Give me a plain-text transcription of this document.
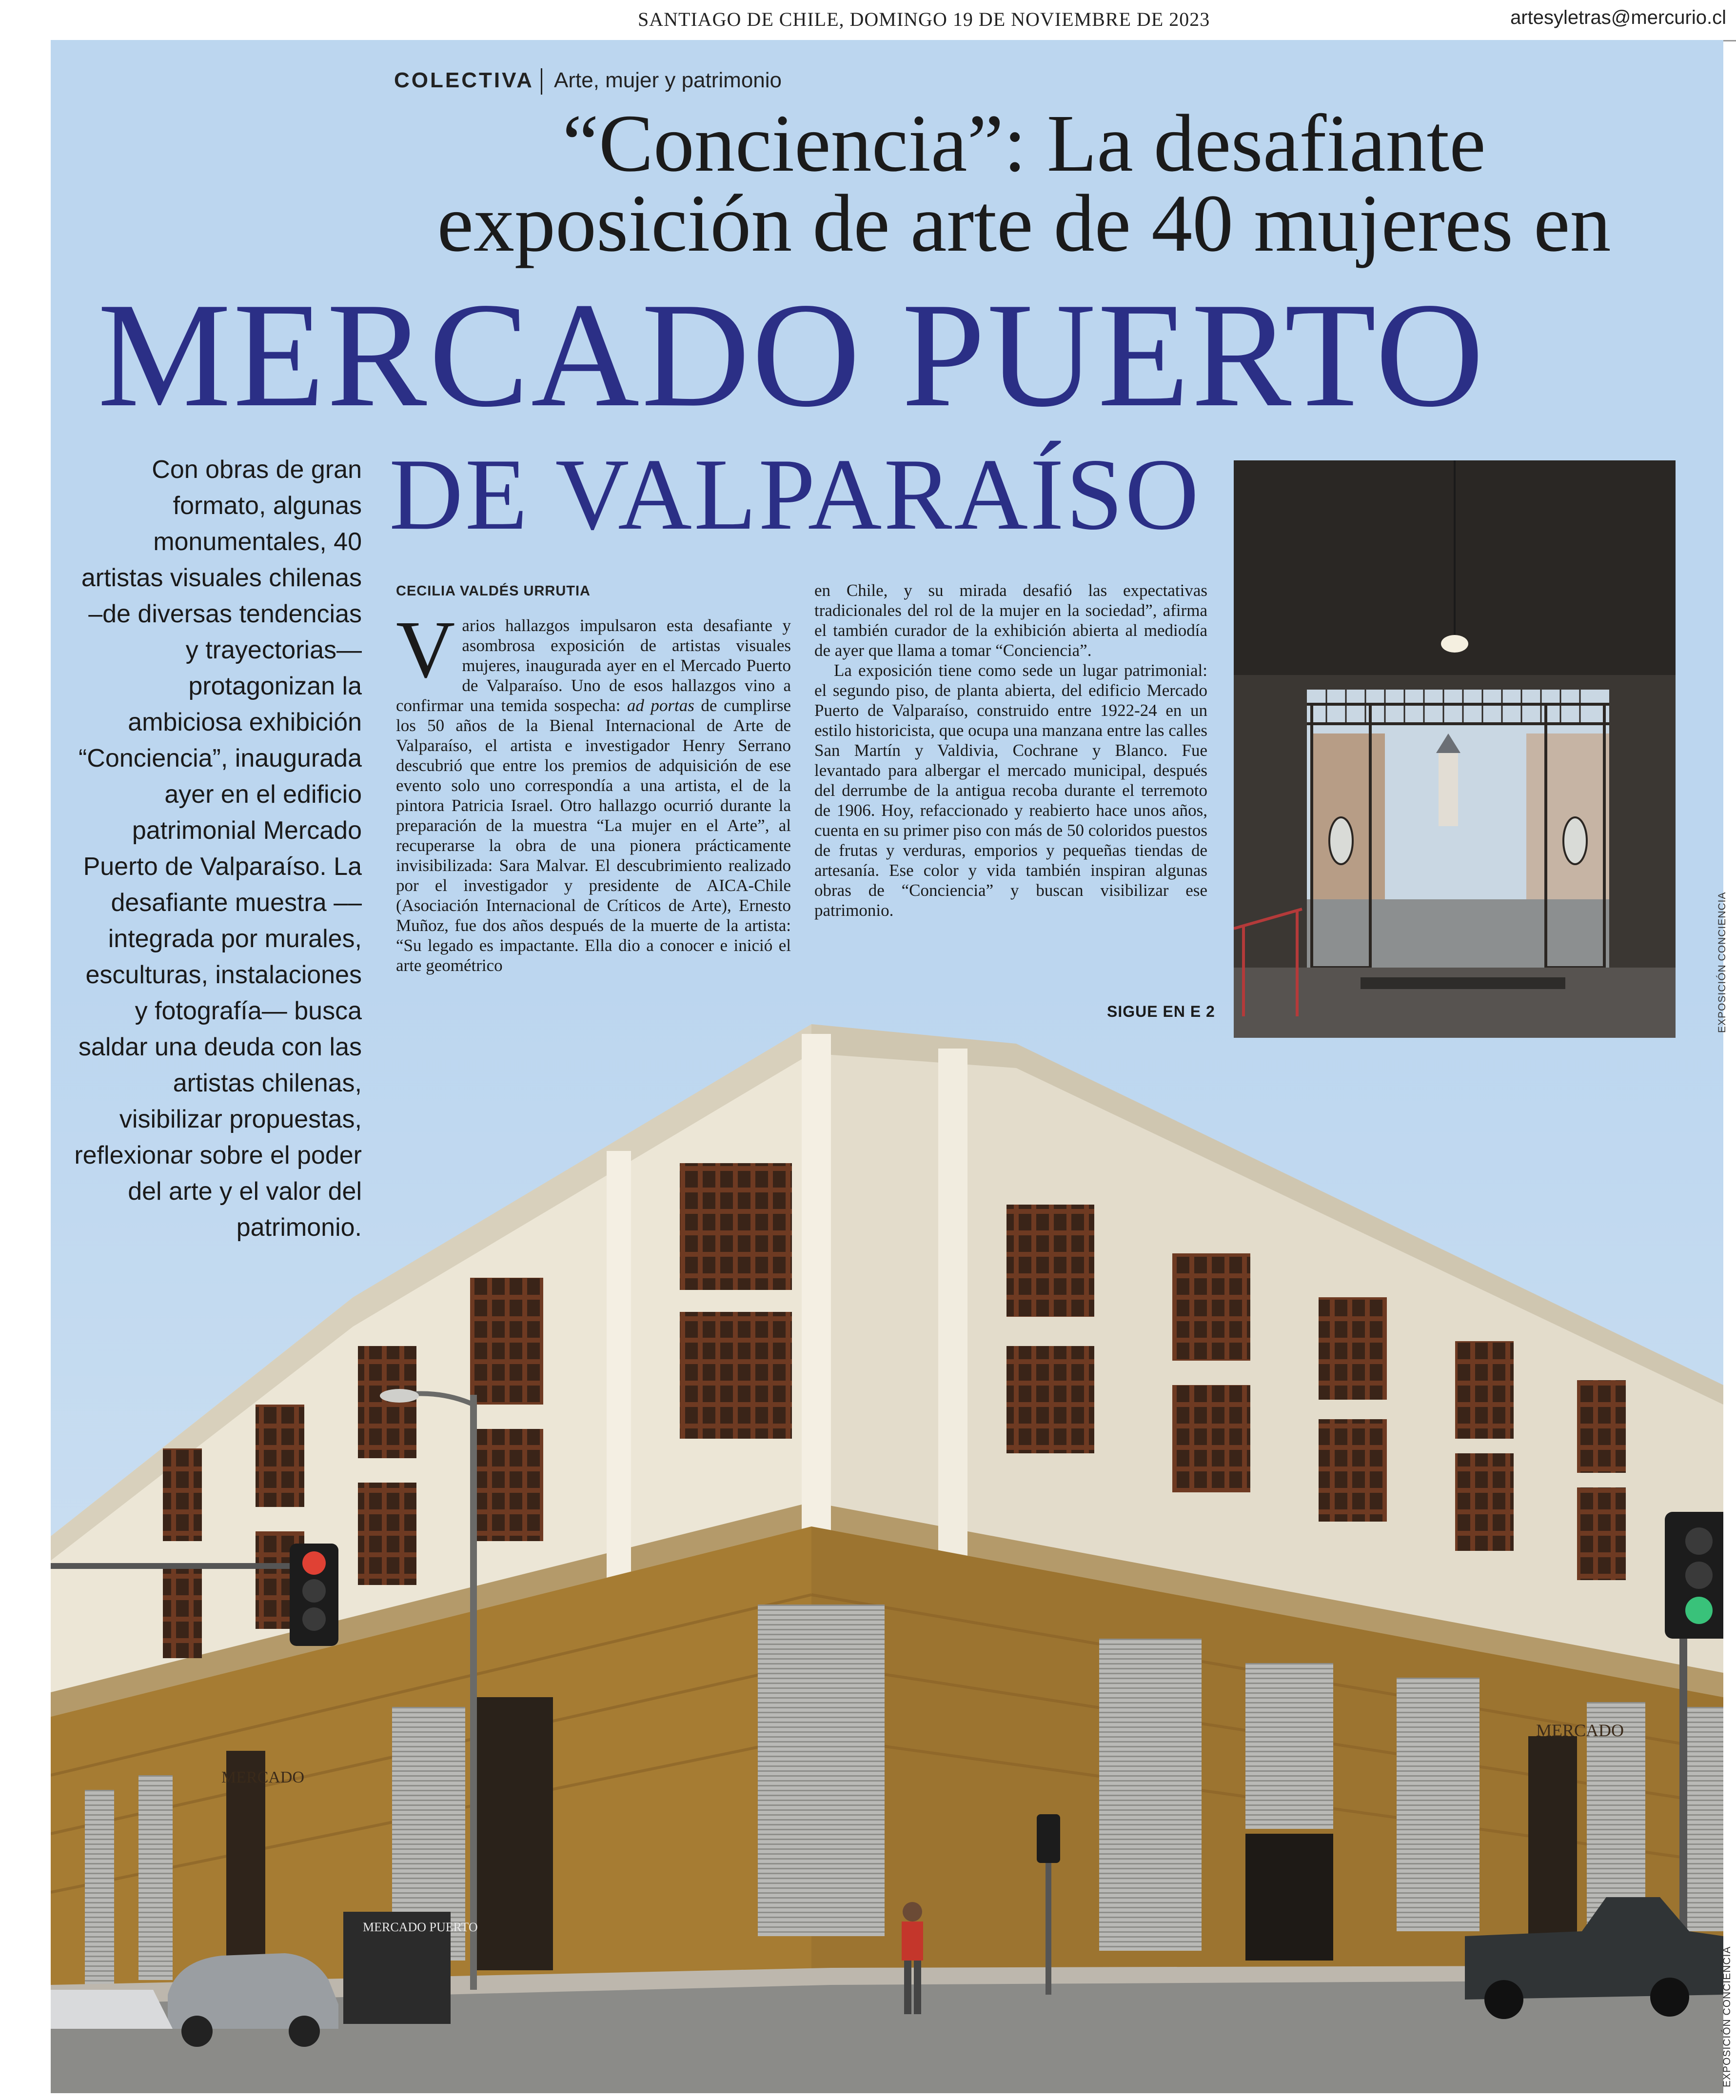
SANTIAGO DE CHILE, DOMINGO 19 DE NOVIEMBRE DE 2023	artesyletras@mercurio.cl
MERCADO
MERCADO
MERCADO PUERTO
EXPOSICIÓN CONCIENCIA
EXPOSICIÓN CONCIENCIA
COLECTIVA Arte, mujer y patrimonio
“Conciencia”: La desafiante
exposición de arte de 40 mujeres en
MERCADO PUERTO
DE VALPARAÍSO
Con obras de gran formato, algunas monumentales, 40 artistas visuales chilenas –de diversas tendencias y trayectorias— protagonizan la ambiciosa exhibición “Conciencia”, inaugurada ayer en el edificio patrimonial Mercado Puerto de Valparaíso. La desafiante muestra ––integrada por murales, esculturas, instalaciones y fotografía— busca saldar una deuda con las artistas chilenas, visibilizar propuestas, reflexionar sobre el poder del arte y el valor del patrimonio.
CECILIA VALDÉS URRUTIA

Varios hallazgos impulsaron esta desafiante y asombrosa exposición de artistas visuales mujeres, inaugurada ayer en el Mercado Puerto de Valparaíso. Uno de esos hallazgos vino a confirmar una temida sospecha: ad portas de cumplirse los 50 años de la Bienal Internacional de Arte de Valparaíso, el artista e investigador Henry Serrano descubrió que entre los premios de adquisición de ese evento solo uno correspondía a una artista, el de la pintora Patricia Israel. Otro hallazgo ocurrió durante la preparación de la muestra “La mujer en el Arte”, al recuperarse la obra de una pionera prácticamente invisibilizada: Sara Malvar. El descubrimiento realizado por el investigador y presidente de AICA-Chile (Asociación Internacional de Críticos de Arte), Ernesto Muñoz, fue dos años después de la muerte de la artista: “Su legado es impactante. Ella dio a conocer e inició el arte geométrico

en Chile, y su mirada desafió las expectativas tradicionales del rol de la mujer en la sociedad”, afirma el también curador de la exhibición abierta al mediodía de ayer que llama a tomar “Conciencia”.

La exposición tiene como sede un lugar patrimonial: el segundo piso, de planta abierta, del edificio Mercado Puerto de Valparaíso, construido entre 1922-24 en un estilo historicista, que ocupa una manzana entre las calles San Martín y Valdivia, Cochrane y Blanco. Fue levantado para albergar el mercado municipal, después del derrumbe de la antigua recoba durante el terremoto de 1906. Hoy, refaccionado y reabierto hace unos años, cuenta en su primer piso con más de 50 coloridos puestos de frutas y verduras, emporios y pequeñas tiendas de artesanía. Ese color y vida también inspiran algunas obras de “Conciencia” y buscan visibilizar ese patrimonio.

SIGUE EN E 2
